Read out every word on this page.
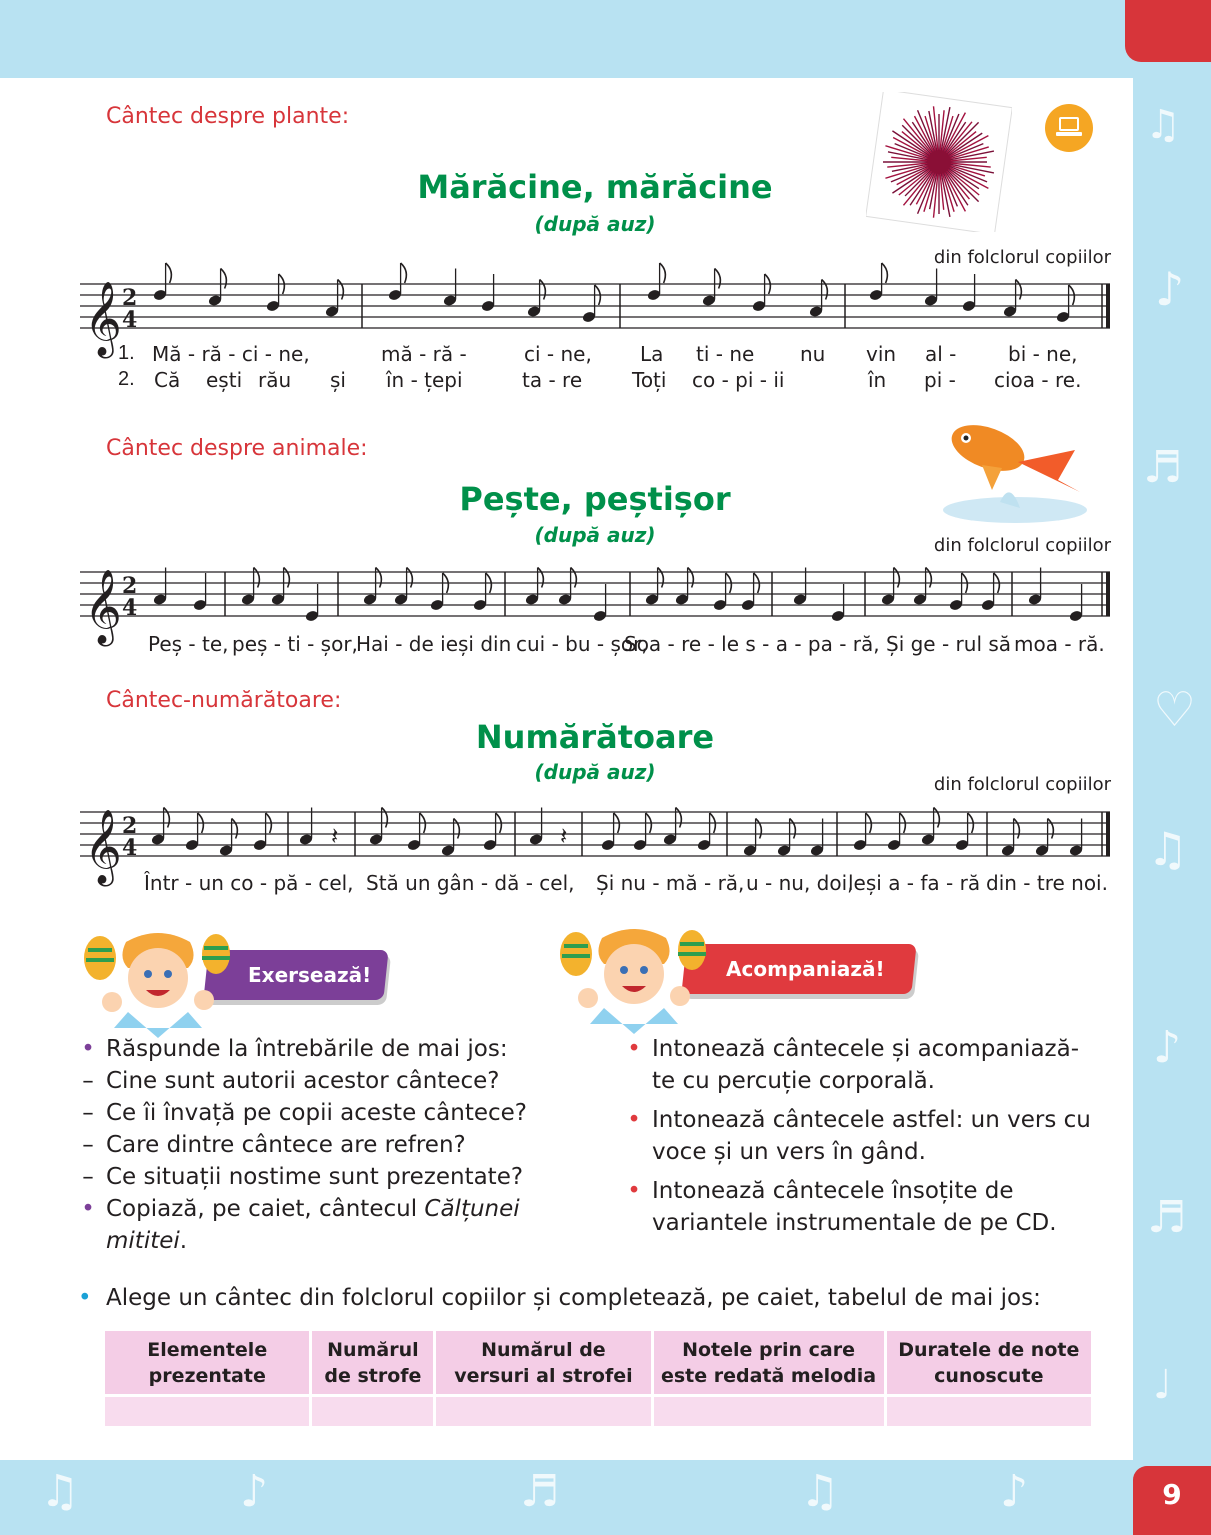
♫
♪
♬
♡
♫
♪
♬
♩
♫	♪	♬	♫	♪	9
Cântec despre plante:
Mărăcine, mărăcine
(după auz)
din folclorul copiilor
𝄞 2
4
1.
2.
Mă - ră - ci - ne,	mă - ră -	ci - ne, La ti - ne nu vin al -	bi - ne,
Că ești rău și în - țepi	ta - re Toți co - pi - ii	în pi - cioa - re.
Cântec despre animale:
Pește, peștișor
(după auz)	din folclorul copiilor
𝄞 2
4
Peș - te, peș - ti - șor,
Hai - de ieși din cui - bu - șor,
Soa - re - le s - a - pa - ră, Și ge - rul să moa - ră.
Cântec-numărătoare:
Numărătoare
(după auz)
din folclorul copiilor
𝄞 2
4	𝄽	𝄽
Într - un co - pă - cel, Stă un gân - dă - cel, Și nu - mă - ră, u - nu, doi,
leși a - fa - ră din - tre noi.
Exersează!	Acompaniază!
• Răspunde la întrebările de mai jos:
– Cine sunt autorii acestor cântece?
– Ce îi învață pe copii aceste cântece?
– Care dintre cântece are refren?
– Ce situații nostime sunt prezentate?
• Copiază, pe caiet, cântecul Călțunei mititei.
• Intonează cântecele și acompaniază-te cu percuție corporală.
• Intonează cântecele astfel: un vers cu voce și un vers în gând.
• Intonează cântecele însoțite de variantele instrumentale de pe CD.
• Alege un cântec din folclorul copiilor și completează, pe caiet, tabelul de mai jos:
Elementele prezentate	Numărul de strofe	Numărul de versuri al strofei	Notele prin care este redată melodia	Duratele de note cunoscute
